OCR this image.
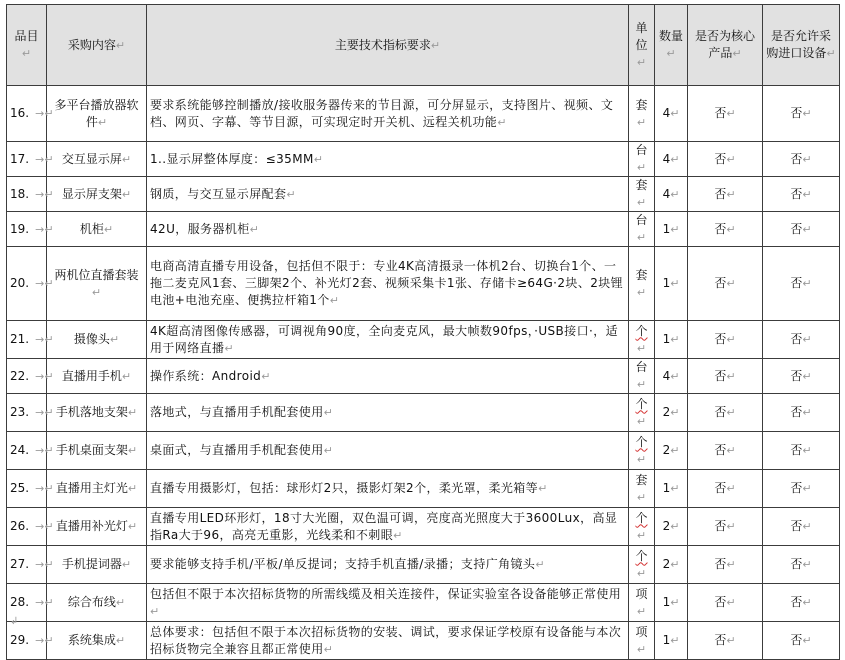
品目↵	采购内容↵	主要技术指标要求↵	单位↵	数量↵	是否为核心产品↵	是否允许采购进口设备↵
16. →↵	多平台播放器软件↵	要求系统能够控制播放/接收服务器传来的节目源，可分屏显示，支持图片、视频、文档、网页、字幕、等节目源，可实现定时开关机、远程关机功能↵	套↵	4↵	否↵	否↵
17. →↵	交互显示屏↵	1..显示屏整体厚度：≤35MM↵	台↵	4↵	否↵	否↵
18. →↵	显示屏支架↵	钢质，与交互显示屏配套↵	套↵	4↵	否↵	否↵
19. →↵	机柜↵	42U，服务器机柜↵	台↵	1↵	否↵	否↵
20. →↵	两机位直播套装↵	电商高清直播专用设备，包括但不限于：专业4K高清摄录一体机2台、切换台1个、一拖二麦克风1套、三脚架2个、补光灯2套、视频采集卡1张、存储卡≥64G·2块、2块锂电池+电池充座、便携拉杆箱1个↵	套↵	1↵	否↵	否↵
21. →↵	摄像头↵	4K超高清图像传感器，可调视角90度，全向麦克风，最大帧数90fps，·USB接口·，适用于网络直播↵	个↵	1↵	否↵	否↵
22. →↵	直播用手机↵	操作系统：Android↵	台↵	4↵	否↵	否↵
23. →↵	手机落地支架↵	落地式，与直播用手机配套使用↵	个↵	2↵	否↵	否↵
24. →↵	手机桌面支架↵	桌面式，与直播用手机配套使用↵	个↵	2↵	否↵	否↵
25. →↵	直播用主灯光↵	直播专用摄影灯，包括：球形灯2只，摄影灯架2个，柔光罩，柔光箱等↵	套↵	1↵	否↵	否↵
26. →↵	直播用补光灯↵	直播专用LED环形灯，18寸大光圈，双色温可调，亮度高光照度大于3600Lux，高显指Ra大于96，高亮无重影，光线柔和不刺眼↵	个↵	2↵	否↵	否↵
27. →↵	手机提词器↵	要求能够支持手机/平板/单反提词；支持手机直播/录播；支持广角镜头↵	个↵	2↵	否↵	否↵
28. →↵	综合布线↵	包括但不限于本次招标货物的所需线缆及相关连接件，保证实验室各设备能够正常使用↵	项↵	1↵	否↵	否↵
29. →↵	系统集成↵	总体要求：包括但不限于本次招标货物的安装、调试，要求保证学校原有设备能与本次招标货物完全兼容且都正常使用↵	项↵	1↵	否↵	否↵
↲
